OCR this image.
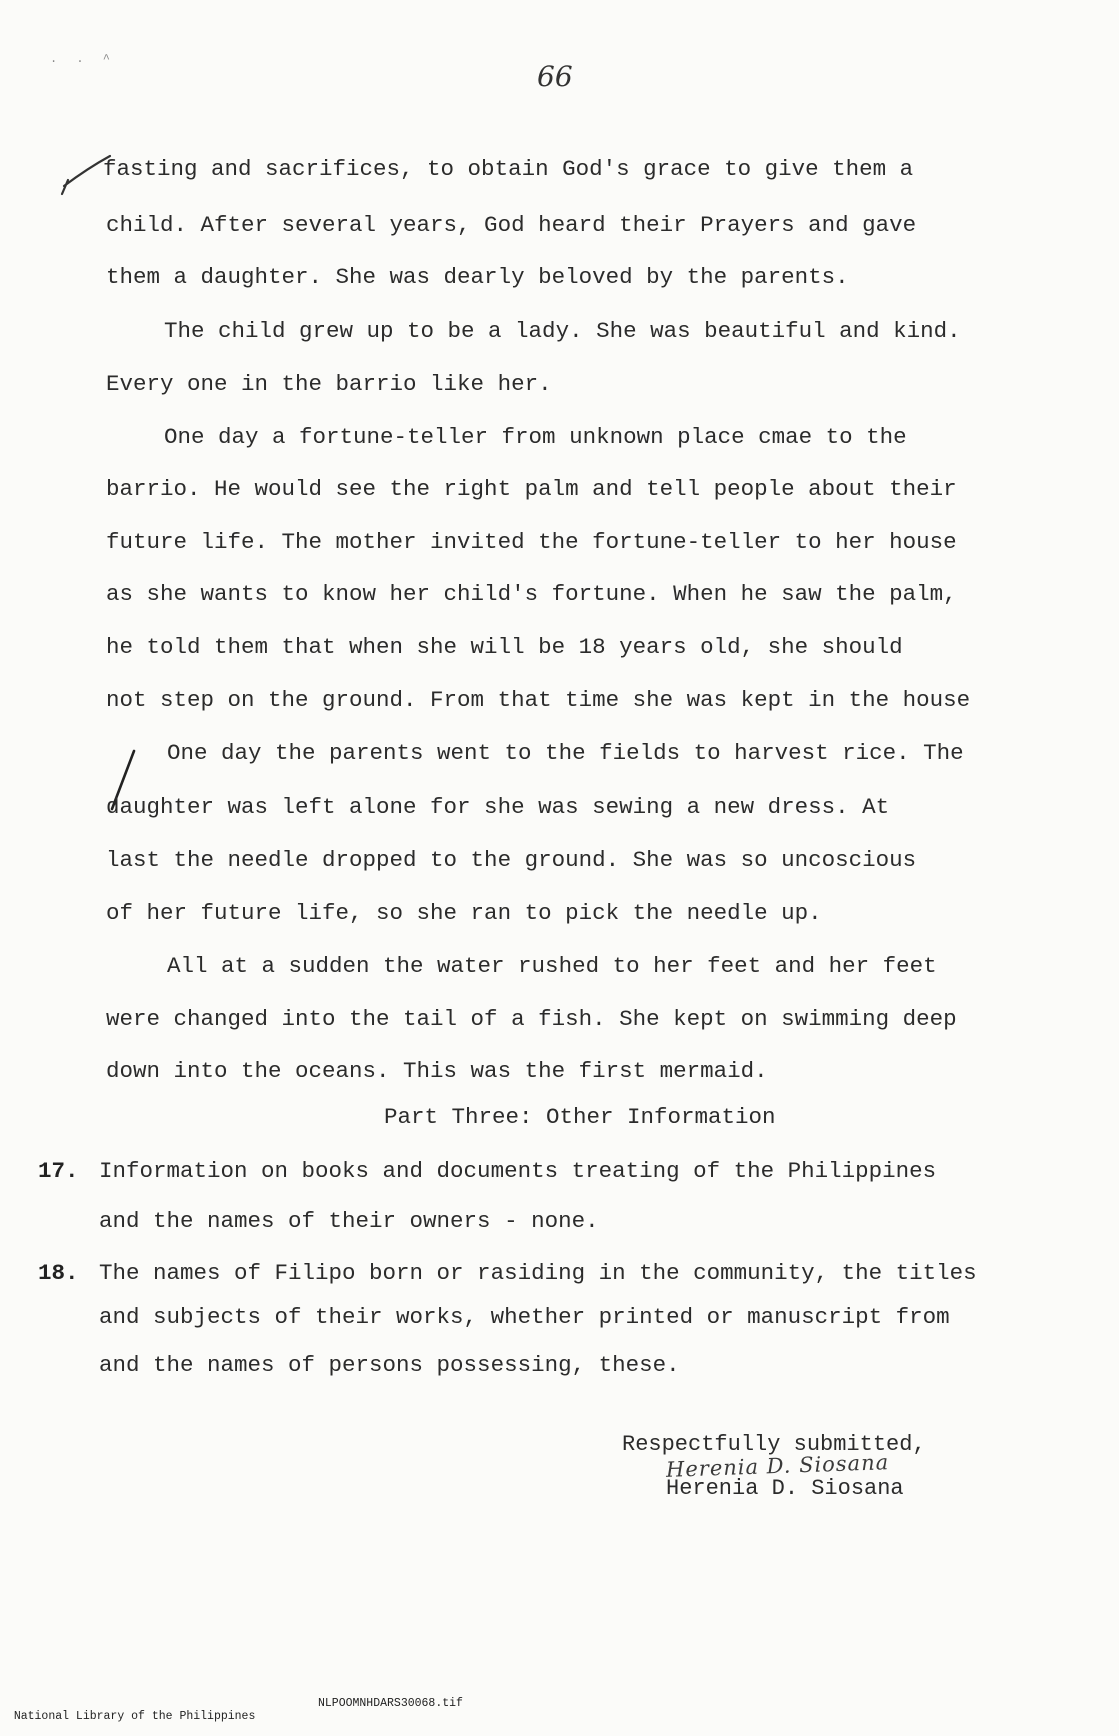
. . ^
66
fasting and sacrifices, to obtain God's grace to give them a
child. After several years, God heard their Prayers and gave
them a daughter. She was dearly beloved by the parents.
The child grew up to be a lady. She was beautiful and kind.
Every one in the barrio like her.
One day a fortune-teller from unknown place cmae to the
barrio. He would see the right palm and tell people about their
future life. The mother invited the fortune-teller to her house
as she wants to know her child's fortune. When he saw the palm,
he told them that when she will be 18 years old, she should
not step on the ground. From that time she was kept in the house
One day the parents went to the fields to harvest rice. The
daughter was left alone for she was sewing a new dress. At
last the needle dropped to the ground. She was so uncoscious
of her future life, so she ran to pick the needle up.
All at a sudden the water rushed to her feet and her feet
were changed into the tail of a fish. She kept on swimming deep
down into the oceans. This was the first mermaid.
Part Three: Other Information
17. Information on books and documents treating of the Philippines
and the names of their owners - none.
18. The names of Filipo born or rasiding in the community, the titles
and subjects of their works, whether printed or manuscript from
and the names of persons possessing, these.
Respectfully submitted,
Herenia D. Siosana
Herenia D. Siosana

National Library of the Philippines

NLPOOMNHDARS30068.tif
